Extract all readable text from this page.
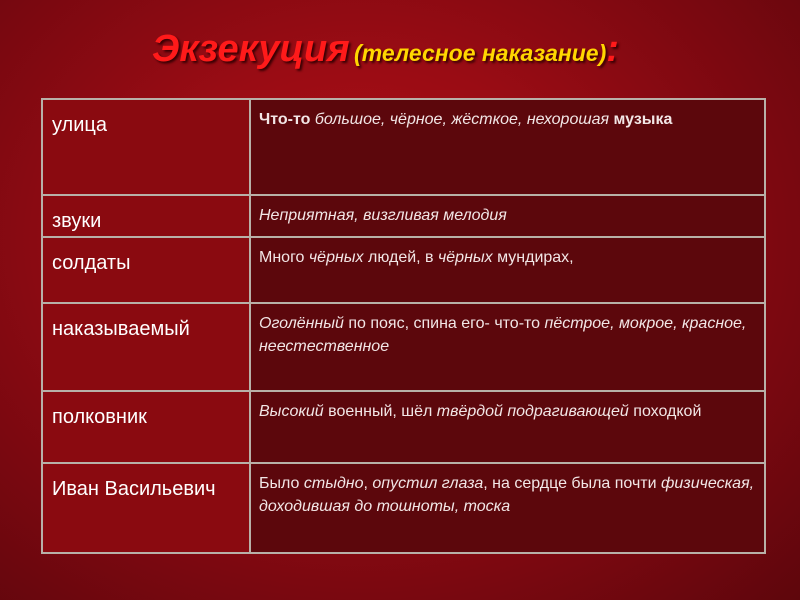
Экзекуция (телесное наказание):
улица	Что-то большое, чёрное, жёсткое, нехорошая музыка
звуки	Неприятная, визгливая мелодия
солдаты	Много чёрных людей, в чёрных мундирах,
наказываемый	Оголённый по пояс, спина его- что-то пёстрое, мокрое, красное, неестественное
полковник	Высокий военный, шёл твёрдой подрагивающей походкой
Иван Васильевич	Было стыдно, опустил глаза, на сердце была почти физическая, доходившая до тошноты, тоска
